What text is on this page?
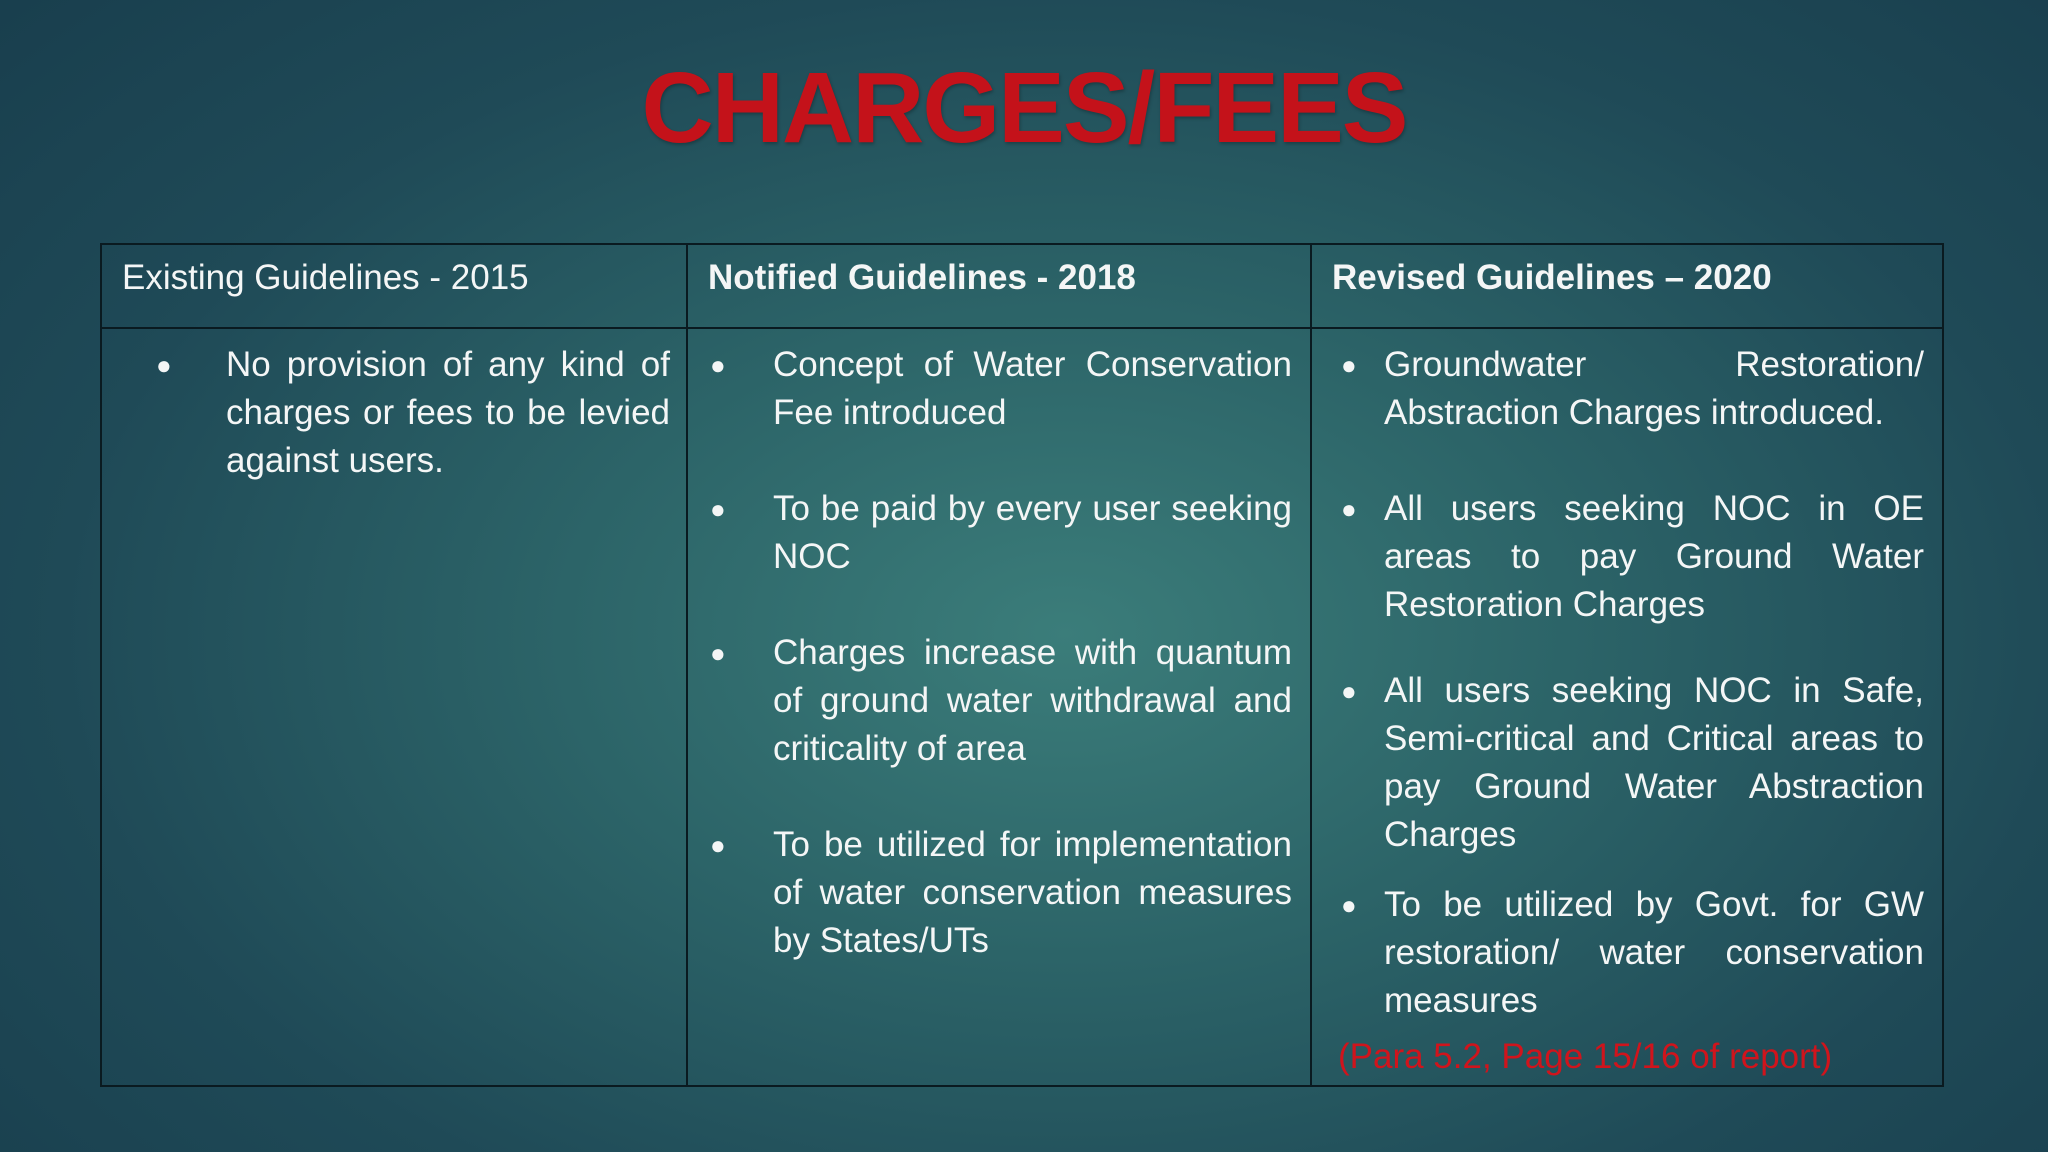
CHARGES/FEES
Existing Guidelines - 2015	Notified Guidelines - 2018	Revised Guidelines – 2020
● No provision of any kind of charges or fees to be levied against users.
● Concept of Water Conservation Fee introduced
● To be paid by every user seeking NOC
● Charges increase with quantum of ground water withdrawal and criticality of area
● To be utilized for implementation of water conservation measures by States/UTs
● Groundwater Restoration/ Abstraction Charges introduced.
● All users seeking NOC in OE areas to pay Ground Water Restoration Charges
● All users seeking NOC in Safe, Semi-critical and Critical areas to pay Ground Water Abstraction Charges
● To be utilized by Govt. for GW restoration/ water conservation measures
(Para 5.2, Page 15/16 of report)
